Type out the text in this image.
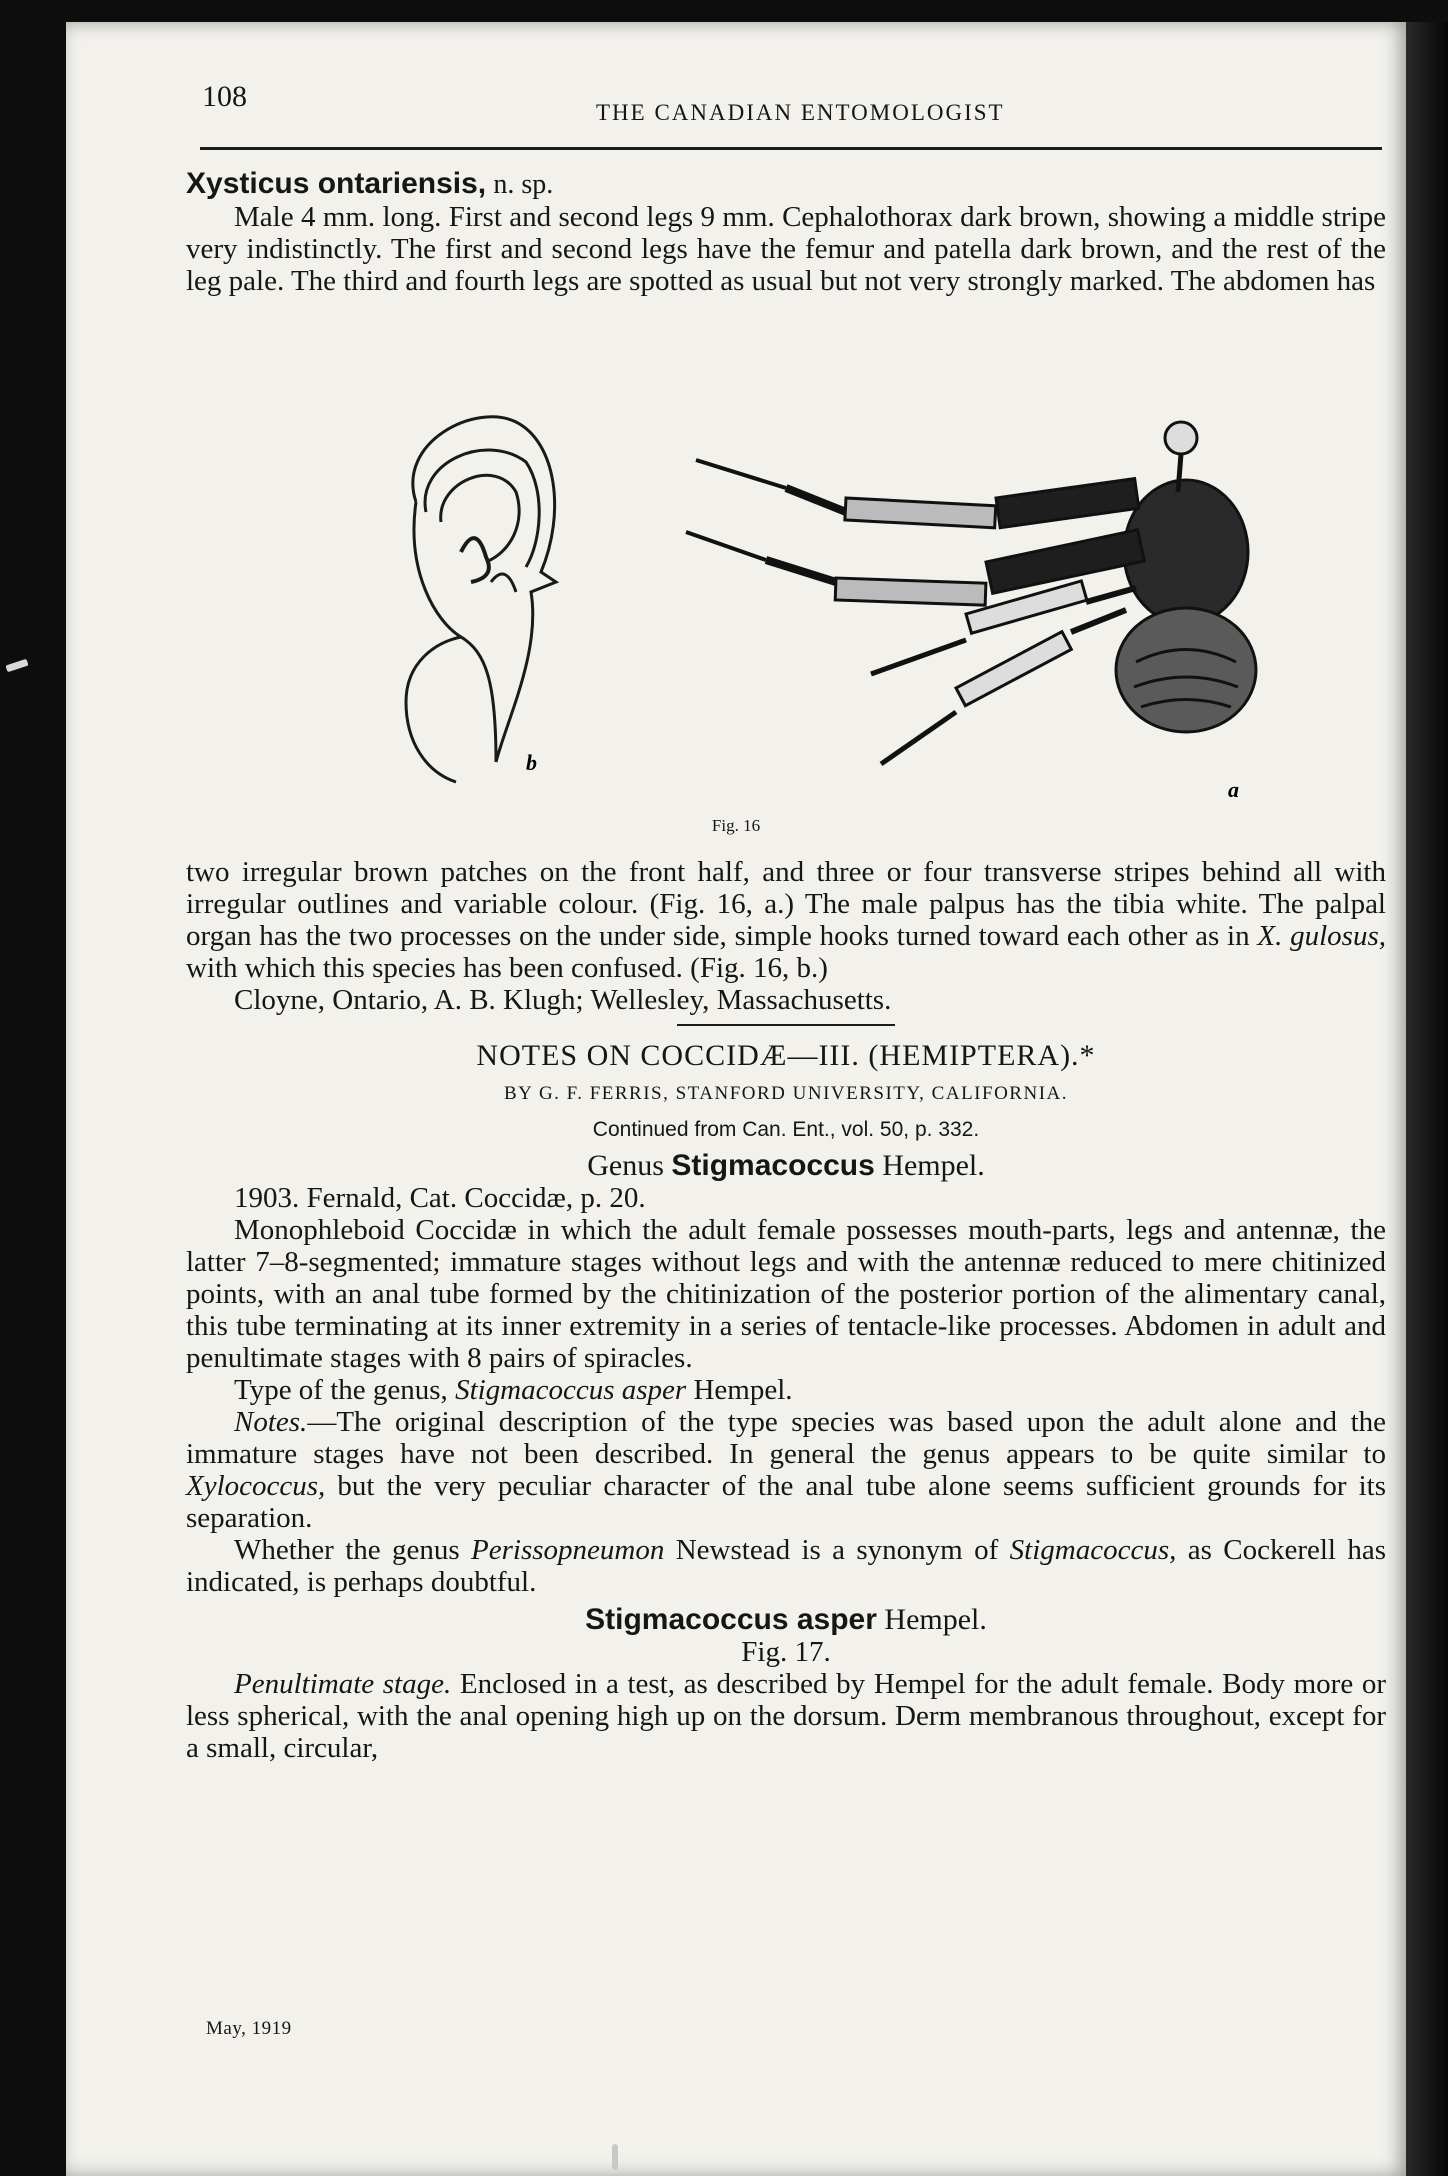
108	THE CANADIAN ENTOMOLOGIST

Xysticus ontariensis, n. sp.

Male 4 mm. long. First and second legs 9 mm. Cephalothorax dark brown, showing a middle stripe very indistinctly. The first and second legs have the femur and patella dark brown, and the rest of the leg pale. The third and fourth legs are spotted as usual but not very strongly marked. The abdomen has

b
a
Fig. 16

two irregular brown patches on the front half, and three or four transverse stripes behind all with irregular outlines and variable colour. (Fig. 16, a.) The male palpus has the tibia white. The palpal organ has the two processes on the under side, simple hooks turned toward each other as in X. gulosus, with which this species has been confused. (Fig. 16, b.)

Cloyne, Ontario, A. B. Klugh; Wellesley, Massachusetts.

NOTES ON COCCIDÆ—III. (HEMIPTERA).*

BY G. F. FERRIS, STANFORD UNIVERSITY, CALIFORNIA.

Continued from Can. Ent., vol. 50, p. 332.

Genus Stigmacoccus Hempel.

1903. Fernald, Cat. Coccidæ, p. 20.

Monophleboid Coccidæ in which the adult female possesses mouth-parts, legs and antennæ, the latter 7–8-segmented; immature stages without legs and with the antennæ reduced to mere chitinized points, with an anal tube formed by the chitinization of the posterior portion of the alimentary canal, this tube terminating at its inner extremity in a series of tentacle-like processes. Abdomen in adult and penultimate stages with 8 pairs of spiracles.

Type of the genus, Stigmacoccus asper Hempel.

Notes.—The original description of the type species was based upon the adult alone and the immature stages have not been described. In general the genus appears to be quite similar to Xylococcus, but the very peculiar character of the anal tube alone seems sufficient grounds for its separation.

Whether the genus Perissopneumon Newstead is a synonym of Stigmacoccus, as Cockerell has indicated, is perhaps doubtful.

Stigmacoccus asper Hempel.

Fig. 17.

Penultimate stage. Enclosed in a test, as described by Hempel for the adult female. Body more or less spherical, with the anal opening high up on the dorsum. Derm membranous throughout, except for a small, circular,

May, 1919
